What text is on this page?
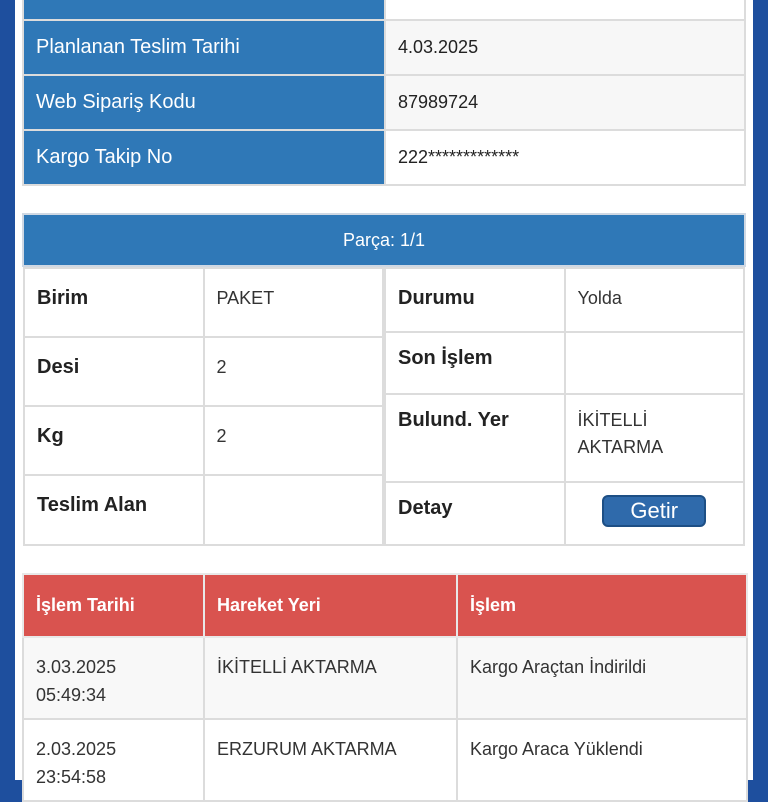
Planlanan Teslim Tarihi	4.03.2025
Web Sipariş Kodu	87989724
Kargo Takip No	222*************
Parça: 1/1

Birim	PAKET
Desi	2
Kg	2
Teslim Alan	

Durumu	Yolda
Son İşlem	
Bulund. Yer	İKİTELLİ AKTARMA
Detay	Getir
İşlem Tarihi	Hareket Yeri	İşlem

3.03.2025
05:49:34	İKİTELLİ AKTARMA	Kargo Araçtan İndirildi

2.03.2025
23:54:58	ERZURUM AKTARMA	Kargo Araca Yüklendi
